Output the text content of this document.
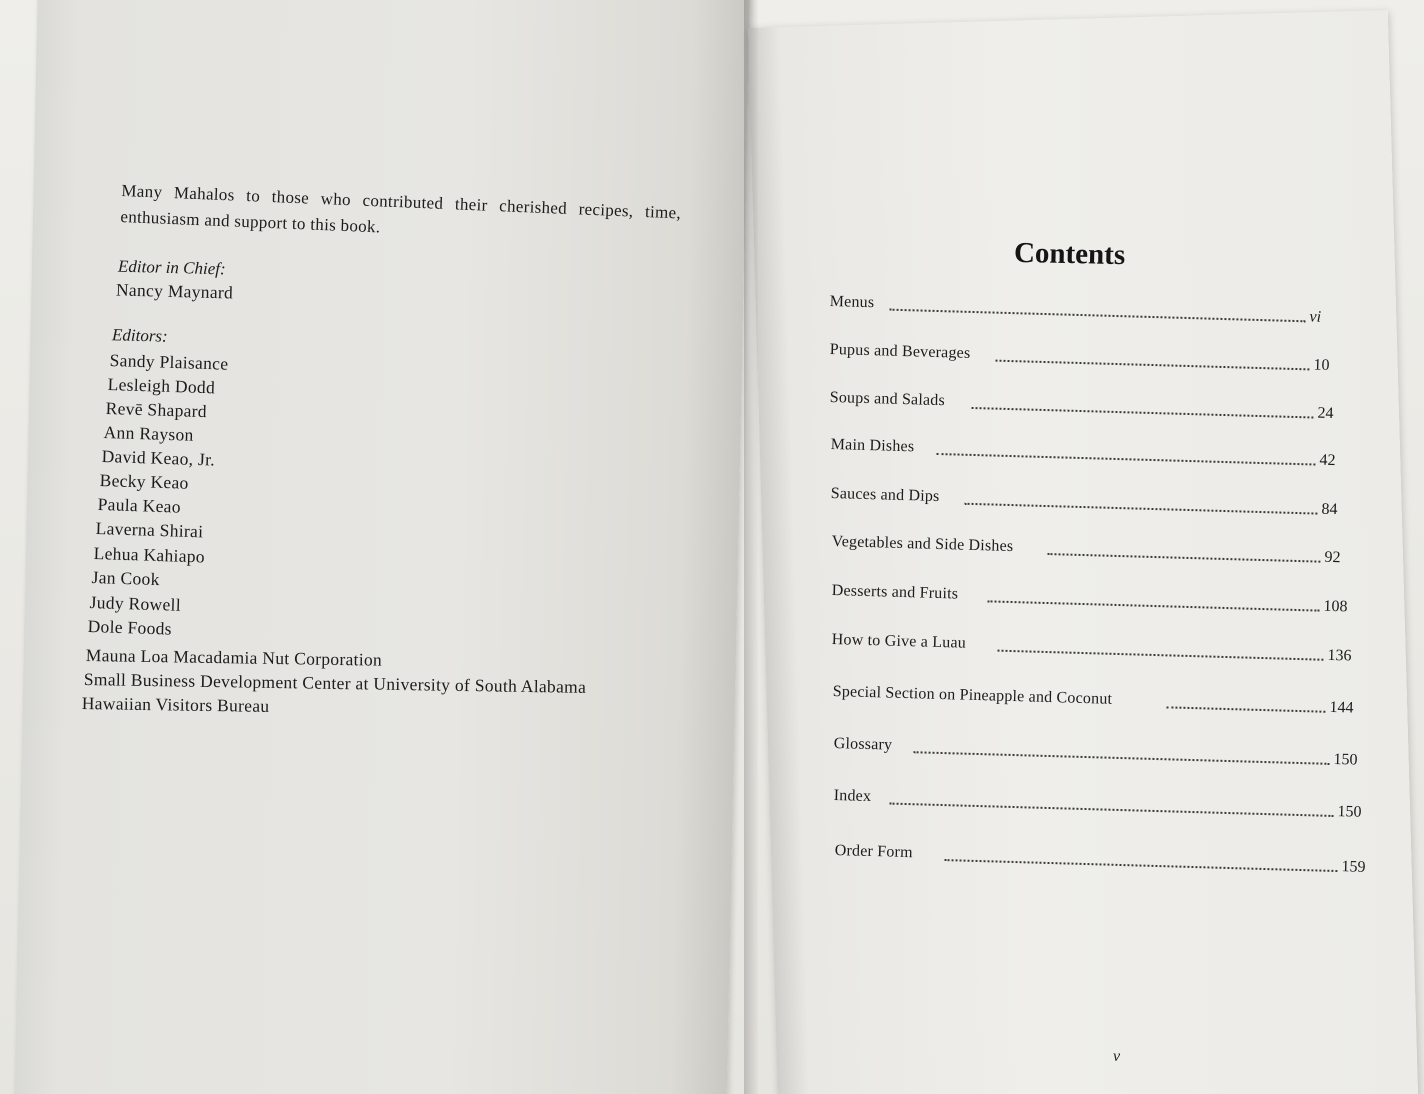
Many Mahalos to those who contributed their cherished recipes, time, enthusiasm and support to this book.
Editor in Chief:
Nancy Maynard
Editors:
Sandy Plaisance
Lesleigh Dodd
Revē Shapard
Ann Rayson
David Keao, Jr.
Becky Keao
Paula Keao
Laverna Shirai
Lehua Kahiapo
Jan Cook
Judy Rowell
Dole Foods
Mauna Loa Macadamia Nut Corporation
Small Business Development Center at University of South Alabama
Hawaiian Visitors Bureau
Contents
Menus
vi
Pupus and Beverages
10
Soups and Salads
24
Main Dishes
42
Sauces and Dips
84
Vegetables and Side Dishes
92
Desserts and Fruits
108
How to Give a Luau
136
Special Section on Pineapple and Coconut	144
Glossary
150
Index
150
Order Form
159
v
